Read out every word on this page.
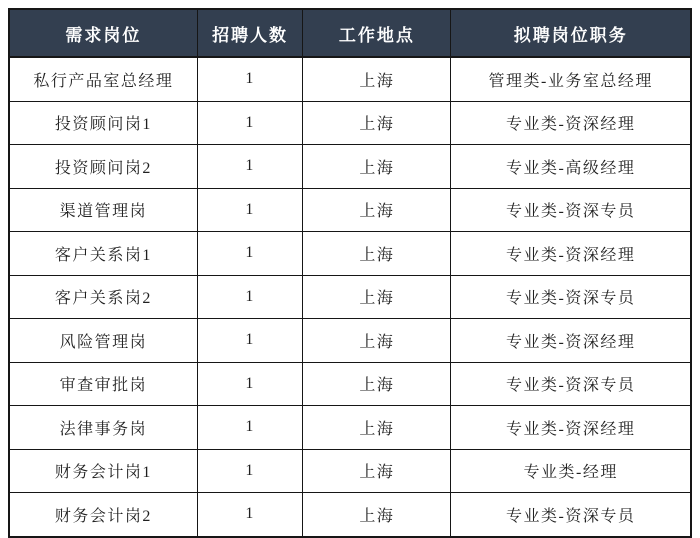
需求岗位	招聘人数	工作地点	拟聘岗位职务
私行产品室总经理	1	上海	管理类-业务室总经理
投资顾问岗1	1	上海	专业类-资深经理
投资顾问岗2	1	上海	专业类-高级经理
渠道管理岗	1	上海	专业类-资深专员
客户关系岗1	1	上海	专业类-资深经理
客户关系岗2	1	上海	专业类-资深专员
风险管理岗	1	上海	专业类-资深经理
审查审批岗	1	上海	专业类-资深专员
法律事务岗	1	上海	专业类-资深经理
财务会计岗1	1	上海	专业类-经理
财务会计岗2	1	上海	专业类-资深专员
